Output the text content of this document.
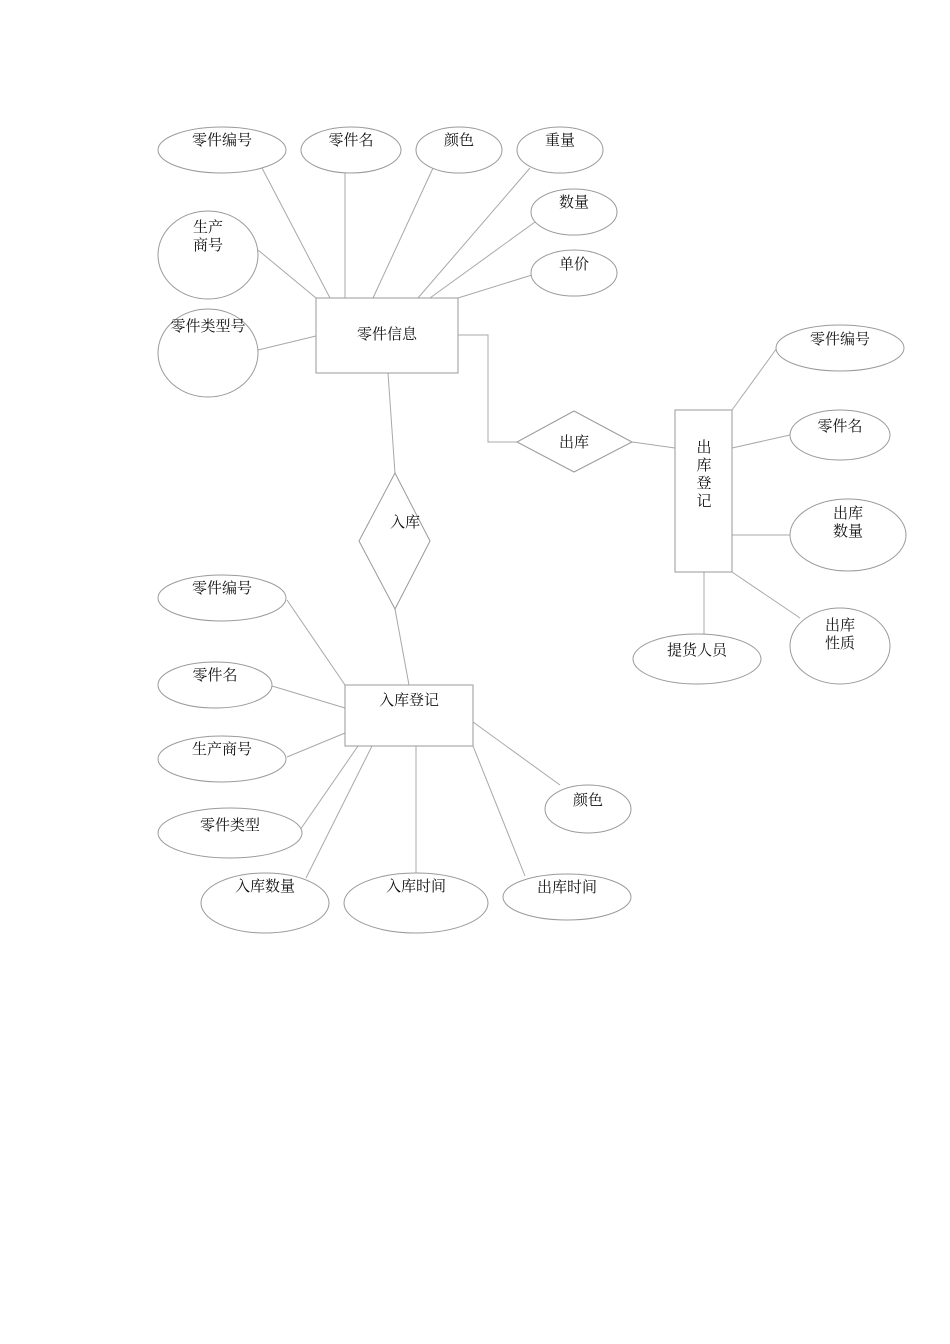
零件信息
零件编号	零件名	颜色	重量
数量
单价
生产
商号
零件类型号
入库
出库	出库登记
零件编号
零件名
出库
数量
出库
性质
提货人员
入库登记
零件编号
零件名
生产商号
零件类型
入库数量	入库时间	出库时间
颜色
